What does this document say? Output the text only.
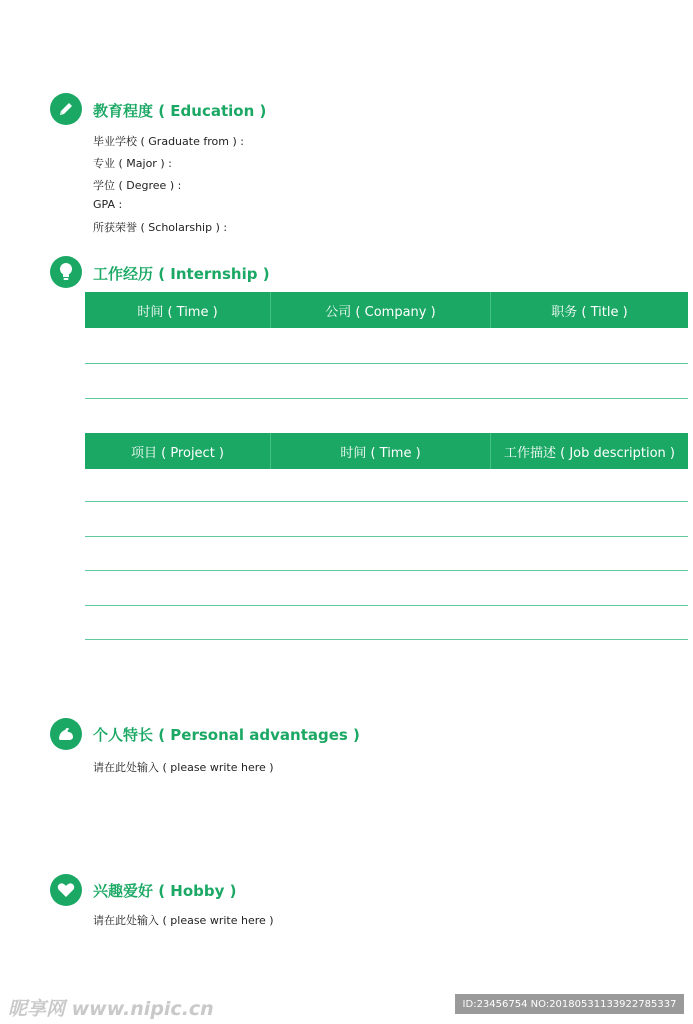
教育程度 ( Education )
毕业学校 ( Graduate from ) :
专业 ( Major ) :
学位 ( Degree ) :
GPA :
所获荣誉 ( Scholarship ) :
工作经历 ( Internship )
时间 ( Time )	公司 ( Company )	职务 ( Title )
项目 ( Project )	时间 ( Time )	工作描述 ( Job description )
个人特长 ( Personal advantages )
请在此处输入 ( please write here )
兴趣爱好 ( Hobby )
请在此处输入 ( please write here )
昵享网 www.nipic.cn	ID:23456754 NO:20180531133922785337
